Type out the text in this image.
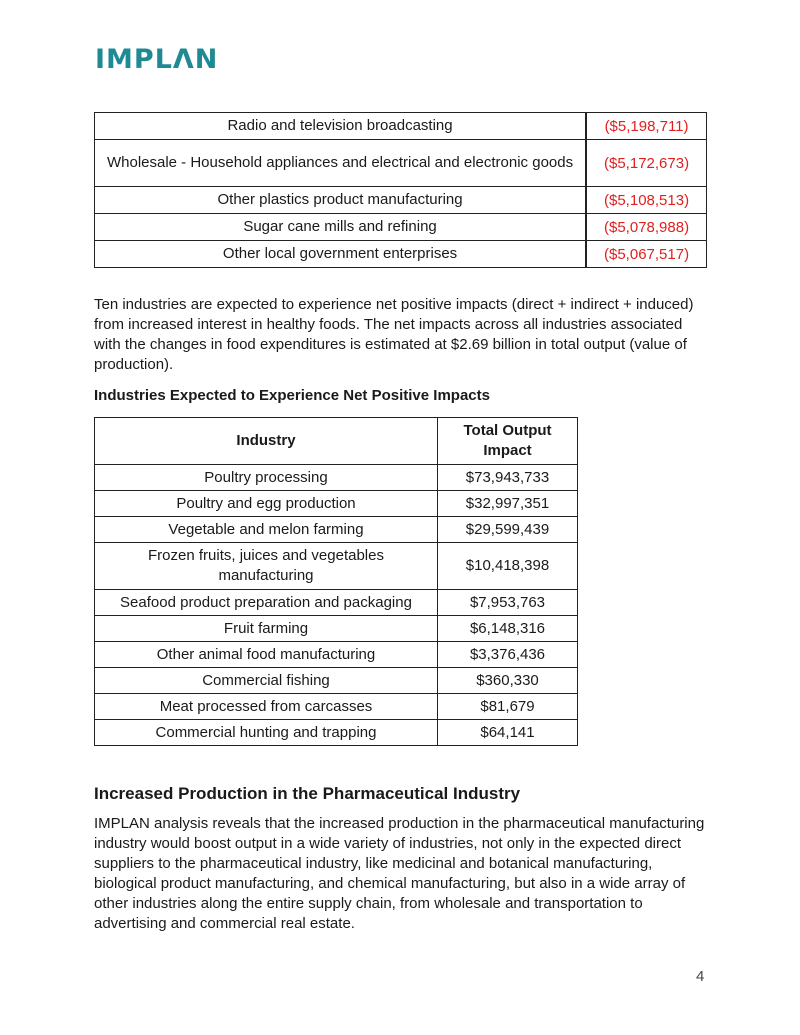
IMPLΛN
Radio and television broadcasting	($5,198,711)
Wholesale - Household appliances and electrical and electronic goods	($5,172,673)
Other plastics product manufacturing	($5,108,513)
Sugar cane mills and refining	($5,078,988)
Other local government enterprises	($5,067,517)

Ten industries are expected to experience net positive impacts (direct + indirect + induced) from increased interest in healthy foods. The net impacts across all industries associated with the changes in food expenditures is estimated at $2.69 billion in total output (value of production).

Industries Expected to Experience Net Positive Impacts

Industry	Total Output Impact
Poultry processing	$73,943,733
Poultry and egg production	$32,997,351
Vegetable and melon farming	$29,599,439
Frozen fruits, juices and vegetables manufacturing	$10,418,398
Seafood product preparation and packaging	$7,953,763
Fruit farming	$6,148,316
Other animal food manufacturing	$3,376,436
Commercial fishing	$360,330
Meat processed from carcasses	$81,679
Commercial hunting and trapping	$64,141
Increased Production in the Pharmaceutical Industry

IMPLAN analysis reveals that the increased production in the pharmaceutical manufacturing industry would boost output in a wide variety of industries, not only in the expected direct suppliers to the pharmaceutical industry, like medicinal and botanical manufacturing, biological product manufacturing, and chemical manufacturing, but also in a wide array of other industries along the entire supply chain, from wholesale and transportation to advertising and commercial real estate.

4
